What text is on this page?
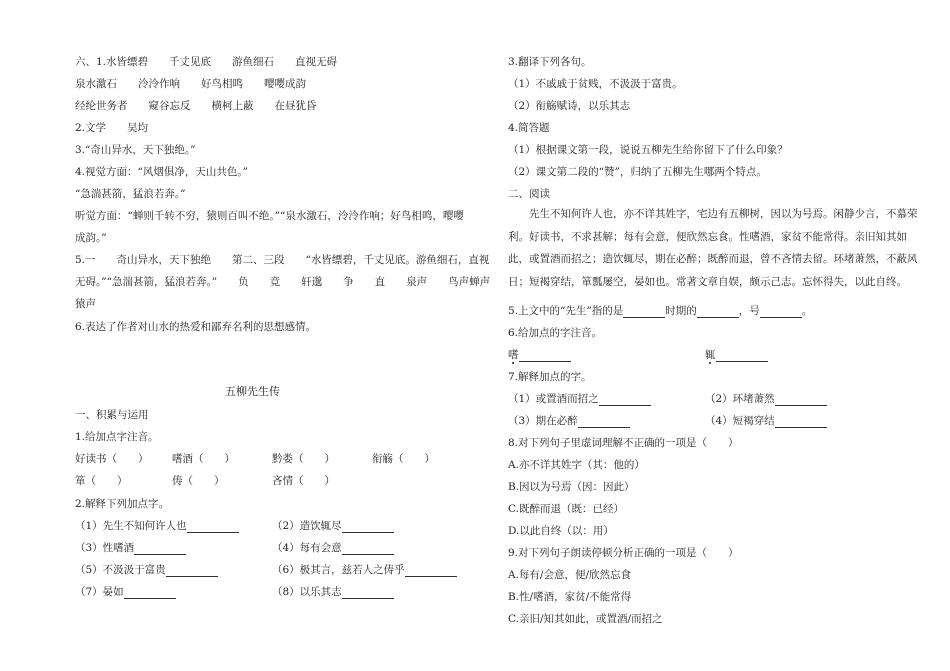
六、1.水皆缥碧　　千丈见底　　游鱼细石　　直视无碍
泉水激石　　泠泠作响　　好鸟相鸣　　嘤嘤成韵
经纶世务者　　窥谷忘反　　横柯上蔽　　在昼犹昏
2.文学　　吴均
3.“奇山异水，天下独绝。”
4.视觉方面：“风烟俱净，天山共色。”
“急湍甚箭，猛浪若奔。”
听觉方面：“蝉则千转不穷，猿则百叫不绝。”“泉水激石，泠泠作响；好鸟相鸣，嘤嘤
成韵。”
5.一　　奇山异水，天下独绝　　第二、三段　　“水皆缥碧，千丈见底。游鱼细石，直视
无碍。”“急湍甚箭，猛浪若奔。”　　负　　竞　　轩邈　　争　　直　　泉声　　鸟声蝉声
猿声
6.表达了作者对山水的热爱和鄙弃名利的思想感情。
五柳先生传
一、积累与运用
1.给加点字注音。
好读书（　　） 嗜酒（　　）	黔娄（　　）	衔觞（　　）
箪（　　）	俦（　　）	吝情（　　）
2.解释下列加点字。
（1）先生不知何许人也	（2）造饮辄尽
（3）性嗜酒	（4）每有会意
（5）不汲汲于富贵	（6）极其言，兹若人之俦乎
（7）晏如	（8）以乐其志
3.翻译下列各句。
（1）不戚戚于贫贱，不汲汲于富贵。
（2）衔觞赋诗，以乐其志
4.简答题
（1）根据课文第一段，说说五柳先生给你留下了什么印象？
（2）课文第二段的“赞”，归纳了五柳先生哪两个特点。
二、阅读
5.上文中的“先生”指的是	时期的	，号	。
6.给加点的字注音。
嗜	辄
7.解释加点的字。
（1）或置酒而招之	（2）环堵萧然
（3）期在必醉	（4）短褐穿结
8.对下列句子里虚词理解不正确的一项是（　　）
A.亦不详其姓字（其：他的）
B.因以为号焉（因：因此）
C.既醉而退（既：已经）
D.以此自终（以：用）
9.对下列句子朗读停顿分析正确的一项是（　　）
A.每有/会意，便/欣然忘食
B.性/嗜酒，家贫/不能常得
C.亲旧/知其如此，或置酒/而招之
先生不知何许人也，亦不详其姓字，宅边有五柳树，因以为号焉。闲静少言，不慕荣利。好读书，不求甚解；每有会意，便欣然忘食。性嗜酒，家贫不能常得。亲旧知其如此，或置酒而招之；造饮辄尽，期在必醉；既醉而退，曾不吝情去留。环堵萧然，不蔽风日；短褐穿结，箪瓢屡空，晏如也。常著文章自娱，颇示己志。忘怀得失，以此自终。
